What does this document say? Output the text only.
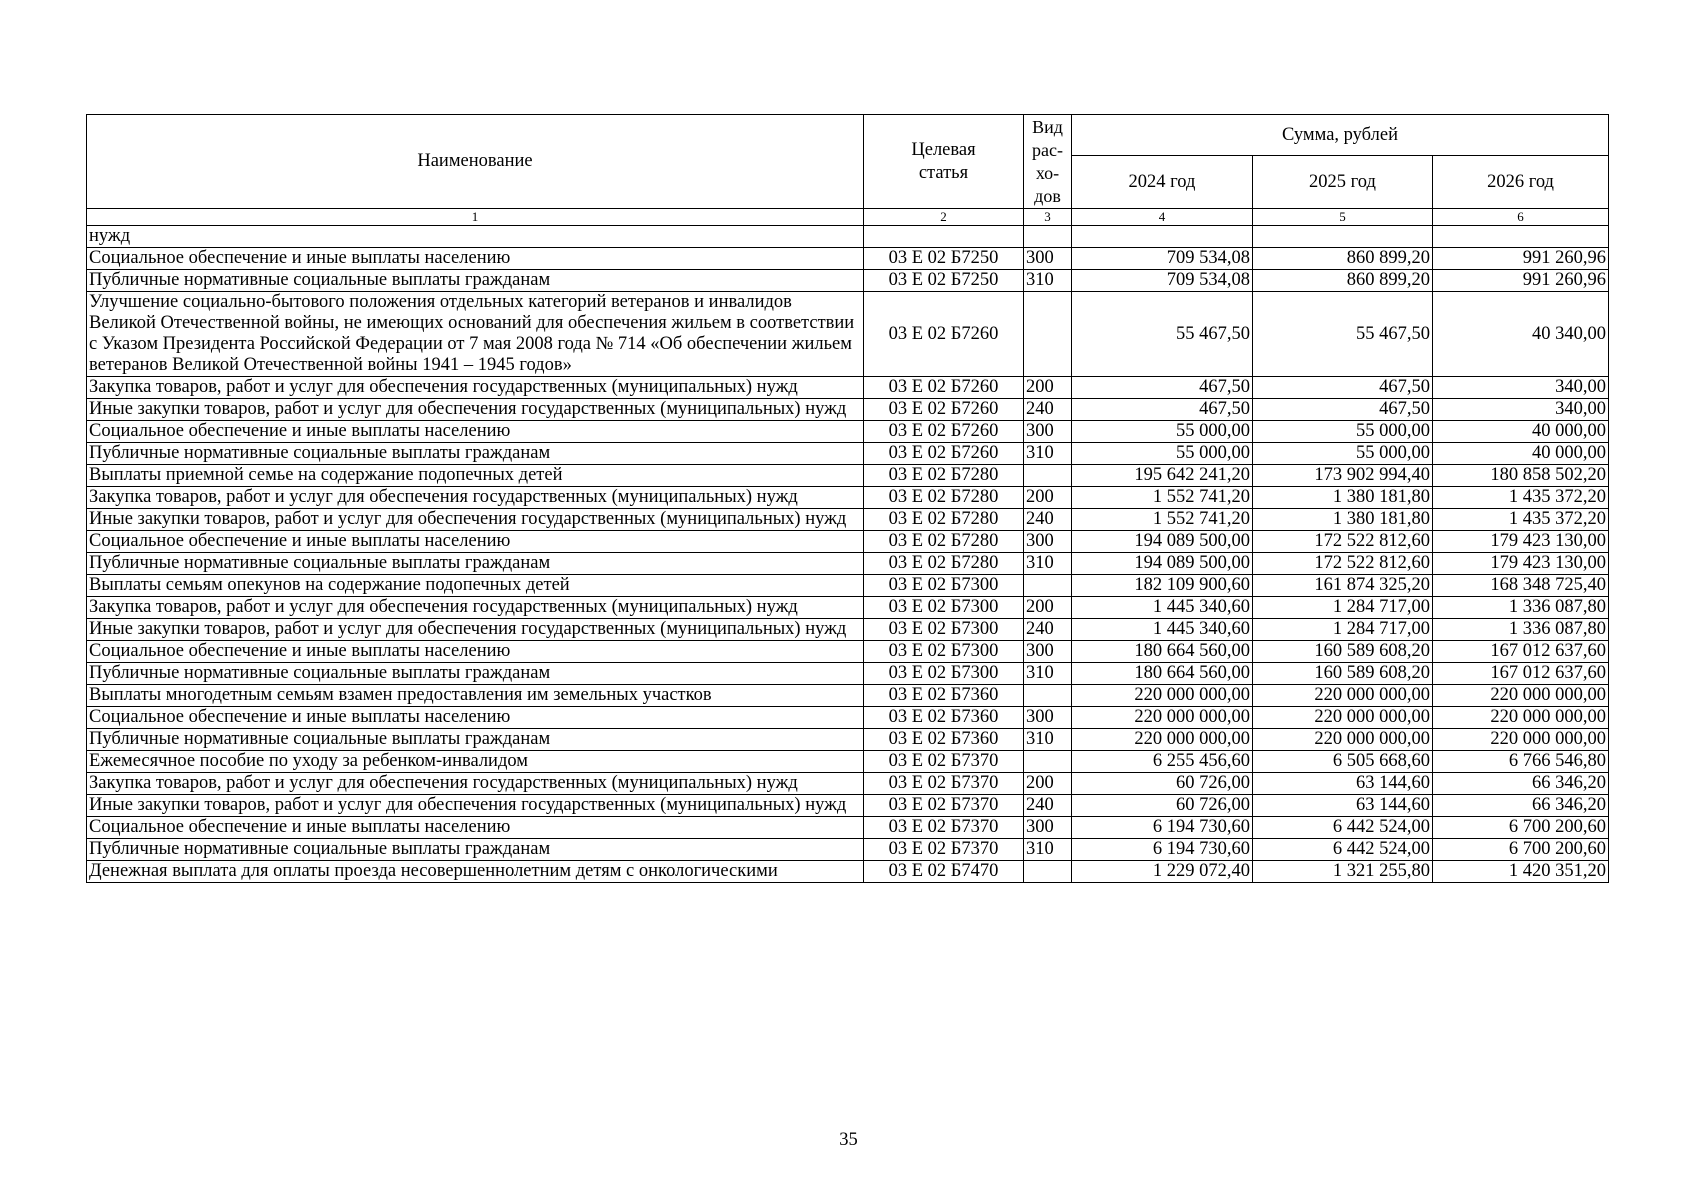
Наименование	Целевая статья	Вид рас-хо-дов	Сумма, рублей		
			2024 год	2025 год	2026 год
1	2	3	4	5	6
нужд					
Социальное обеспечение и иные выплаты населению	03 Е 02 Б7250	300	709 534,08	860 899,20	991 260,96
Публичные нормативные социальные выплаты гражданам	03 Е 02 Б7250	310	709 534,08	860 899,20	991 260,96
Улучшение социально-бытового положения отдельных категорий ветеранов и инвалидов Великой Отечественной войны, не имеющих оснований для обеспечения жильем в соответствии с Указом Президента Российской Федерации от 7 мая 2008 года № 714 «Об обеспечении жильем ветеранов Великой Отечественной войны 1941 – 1945 годов»	03 Е 02 Б7260		55 467,50	55 467,50	40 340,00
Закупка товаров, работ и услуг для обеспечения государственных (муниципальных) нужд	03 Е 02 Б7260	200	467,50	467,50	340,00
Иные закупки товаров, работ и услуг для обеспечения государственных (муниципальных) нужд	03 Е 02 Б7260	240	467,50	467,50	340,00
Социальное обеспечение и иные выплаты населению	03 Е 02 Б7260	300	55 000,00	55 000,00	40 000,00
Публичные нормативные социальные выплаты гражданам	03 Е 02 Б7260	310	55 000,00	55 000,00	40 000,00
Выплаты приемной семье на содержание подопечных детей	03 Е 02 Б7280		195 642 241,20	173 902 994,40	180 858 502,20
Закупка товаров, работ и услуг для обеспечения государственных (муниципальных) нужд	03 Е 02 Б7280	200	1 552 741,20	1 380 181,80	1 435 372,20
Иные закупки товаров, работ и услуг для обеспечения государственных (муниципальных) нужд	03 Е 02 Б7280	240	1 552 741,20	1 380 181,80	1 435 372,20
Социальное обеспечение и иные выплаты населению	03 Е 02 Б7280	300	194 089 500,00	172 522 812,60	179 423 130,00
Публичные нормативные социальные выплаты гражданам	03 Е 02 Б7280	310	194 089 500,00	172 522 812,60	179 423 130,00
Выплаты семьям опекунов на содержание подопечных детей	03 Е 02 Б7300		182 109 900,60	161 874 325,20	168 348 725,40
Закупка товаров, работ и услуг для обеспечения государственных (муниципальных) нужд	03 Е 02 Б7300	200	1 445 340,60	1 284 717,00	1 336 087,80
Иные закупки товаров, работ и услуг для обеспечения государственных (муниципальных) нужд	03 Е 02 Б7300	240	1 445 340,60	1 284 717,00	1 336 087,80
Социальное обеспечение и иные выплаты населению	03 Е 02 Б7300	300	180 664 560,00	160 589 608,20	167 012 637,60
Публичные нормативные социальные выплаты гражданам	03 Е 02 Б7300	310	180 664 560,00	160 589 608,20	167 012 637,60
Выплаты многодетным семьям взамен предоставления им земельных участков	03 Е 02 Б7360		220 000 000,00	220 000 000,00	220 000 000,00
Социальное обеспечение и иные выплаты населению	03 Е 02 Б7360	300	220 000 000,00	220 000 000,00	220 000 000,00
Публичные нормативные социальные выплаты гражданам	03 Е 02 Б7360	310	220 000 000,00	220 000 000,00	220 000 000,00
Ежемесячное пособие по уходу за ребенком-инвалидом	03 Е 02 Б7370		6 255 456,60	6 505 668,60	6 766 546,80
Закупка товаров, работ и услуг для обеспечения государственных (муниципальных) нужд	03 Е 02 Б7370	200	60 726,00	63 144,60	66 346,20
Иные закупки товаров, работ и услуг для обеспечения государственных (муниципальных) нужд	03 Е 02 Б7370	240	60 726,00	63 144,60	66 346,20
Социальное обеспечение и иные выплаты населению	03 Е 02 Б7370	300	6 194 730,60	6 442 524,00	6 700 200,60
Публичные нормативные социальные выплаты гражданам	03 Е 02 Б7370	310	6 194 730,60	6 442 524,00	6 700 200,60
Денежная выплата для оплаты проезда несовершеннолетним детям с онкологическими	03 Е 02 Б7470		1 229 072,40	1 321 255,80	1 420 351,20
35
